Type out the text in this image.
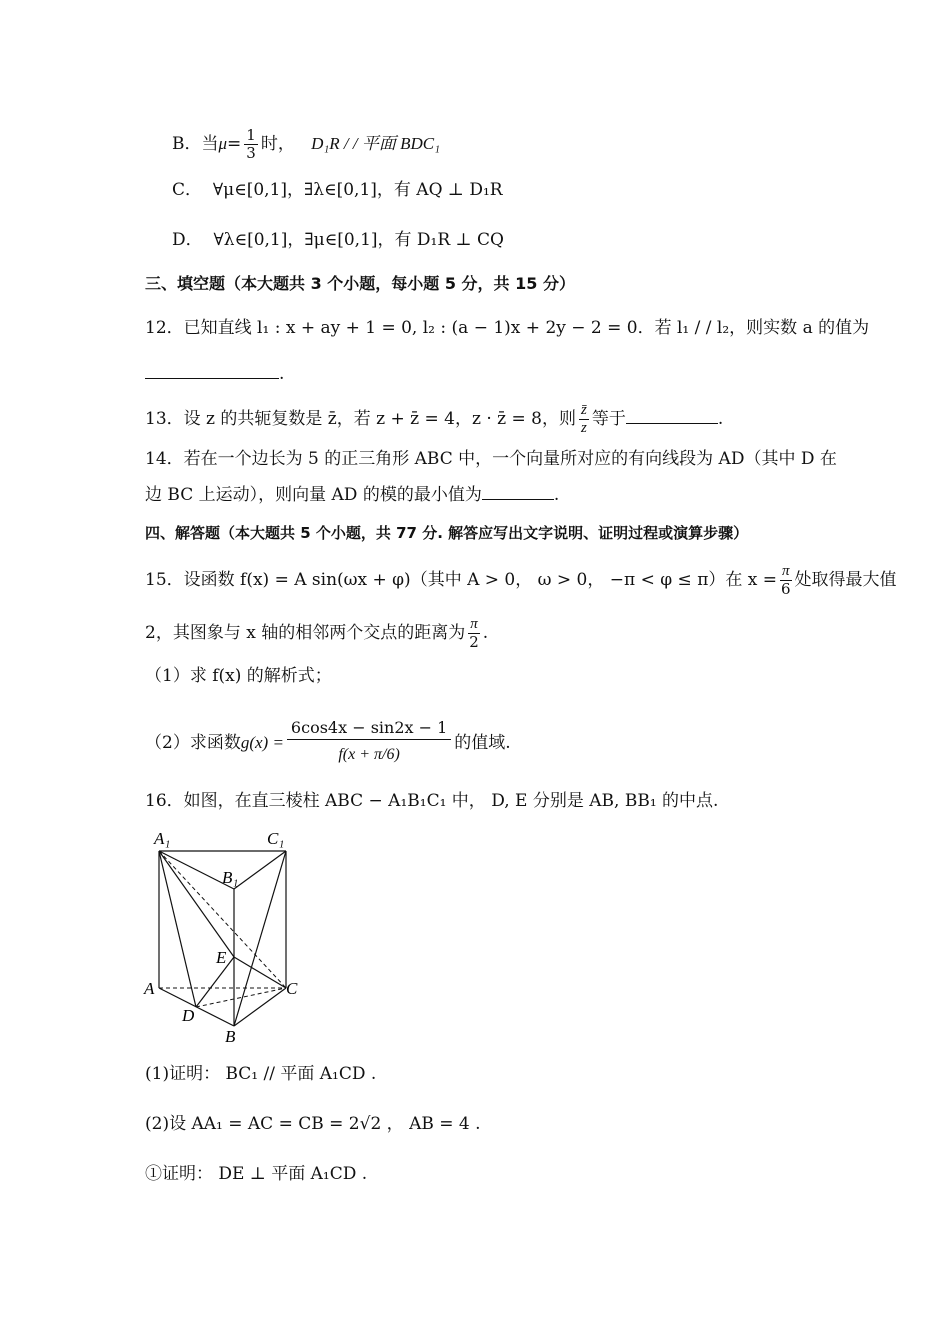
B．当$\mu= \frac{1}{3}$ 时， D₁R / / 平面 BDC₁
C． ∀μ∈[0,1]，∃λ∈[0,1]，有 AQ ⊥ D₁R
D． ∀λ∈[0,1]，∃μ∈[0,1]，有 D₁R ⊥ CQ
三、填空题（本大题共 3 个小题，每小题 5 分，共 15 分）
12．已知直线 l₁ : x + ay + 1 = 0, l₂ : (a − 1)x + 2y − 2 = 0．若 l₁ / / l₂，则实数 a 的值为
.
13．设 z 的共轭复数是 z̄，若 z + z̄ = 4，z · z̄ = 8，则 $\frac{z̄}{z}$ 等于	.
14．若在一个边长为 5 的正三角形 ABC 中，一个向量所对应的有向线段为 AD（其中 D 在
边 BC 上运动），则向量 AD 的模的最小值为	.
四、解答题（本大题共 5 个小题，共 77 分. 解答应写出文字说明、证明过程或演算步骤）
15．设函数 f(x) = A sin(ωx + φ)（其中 A > 0， ω > 0， −π < φ ≤ π）在 $x = \frac{\pi}{6}$ 处取得最大值
2，其图象与 x 轴的相邻两个交点的距离为 $\frac{\pi}{2}$ .
（1）求 f(x) 的解析式；
（2）求函数$g(x) = \frac{6\cos 4x - \sin 2x - 1}{f(x + \pi/6)}$ 的值域.
16．如图，在直三棱柱 ABC − A₁B₁C₁ 中， D, E 分别是 AB, BB₁ 的中点.
A₁	C₁
B₁
E
A	C
D
B
(1)证明： BC₁ // 平面 A₁CD .
(2)设 AA₁ = AC = CB = 2√2 ， AB = 4 .
①证明： DE ⊥ 平面 A₁CD .
